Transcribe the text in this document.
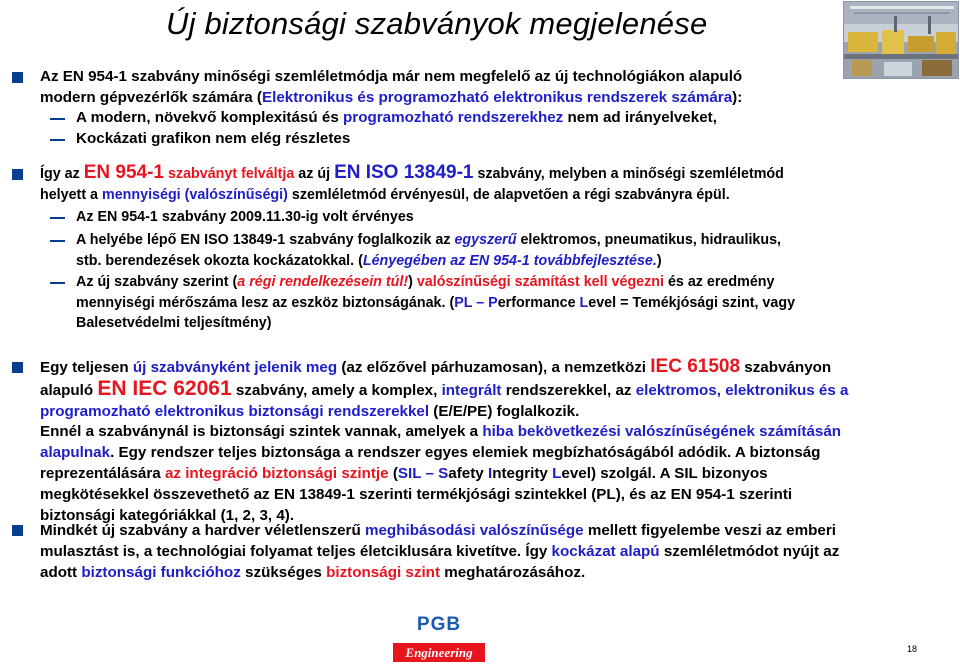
Új biztonsági szabványok megjelenése
Az EN 954-1 szabvány minőségi szemléletmódja már nem megfelelő az új technológiákon alapuló
modern gépvezérlők számára (Elektronikus és programozható elektronikus rendszerek számára):
A modern, növekvő komplexitású és programozható rendszerekhez nem ad irányelveket,
Kockázati grafikon nem elég részletes
Így az EN 954-1 szabványt felváltja az új EN ISO 13849-1 szabvány, melyben a minőségi szemléletmód
helyett a mennyiségi (valószínűségi) szemléletmód érvényesül, de alapvetően a régi szabványra épül.
Az EN 954-1 szabvány 2009.11.30-ig volt érvényes
A helyébe lépő EN ISO 13849-1 szabvány foglalkozik az egyszerű elektromos, pneumatikus, hidraulikus,
stb. berendezések okozta kockázatokkal. (Lényegében az EN 954-1 továbbfejlesztése.)
Az új szabvány szerint (a régi rendelkezésein túl!) valószínűségi számítást kell végezni és az eredmény
mennyiségi mérőszáma lesz az eszköz biztonságának. (PL – Performance Level = Temékjósági szint, vagy
Balesetvédelmi teljesítmény)
Egy teljesen új szabványként jelenik meg (az előzővel párhuzamosan), a nemzetközi IEC 61508 szabványon
alapuló EN IEC 62061 szabvány, amely a komplex, integrált rendszerekkel, az elektromos, elektronikus és a
programozható elektronikus biztonsági rendszerekkel (E/E/PE) foglalkozik.
Ennél a szabványnál is biztonsági szintek vannak, amelyek a hiba bekövetkezési valószínűségének számításán
alapulnak. Egy rendszer teljes biztonsága a rendszer egyes elemiek megbízhatóságából adódik. A biztonság
reprezentálására az integráció biztonsági szintje (SIL – Safety Integrity Level) szolgál. A SIL bizonyos
megkötésekkel összevethető az EN 13849-1 szerinti termékjósági szintekkel (PL), és az EN 954-1 szerinti
biztonsági kategóriákkal (1, 2, 3, 4).
Mindkét új szabvány a hardver véletlenszerű meghibásodási valószínűsége mellett figyelembe veszi az emberi
mulasztást is, a technológiai folyamat teljes életciklusára kivetítve. Így kockázat alapú szemléletmódot nyújt az
adott biztonsági funkcióhoz szükséges biztonsági szint meghatározásához.
PGB
Engineering	18
